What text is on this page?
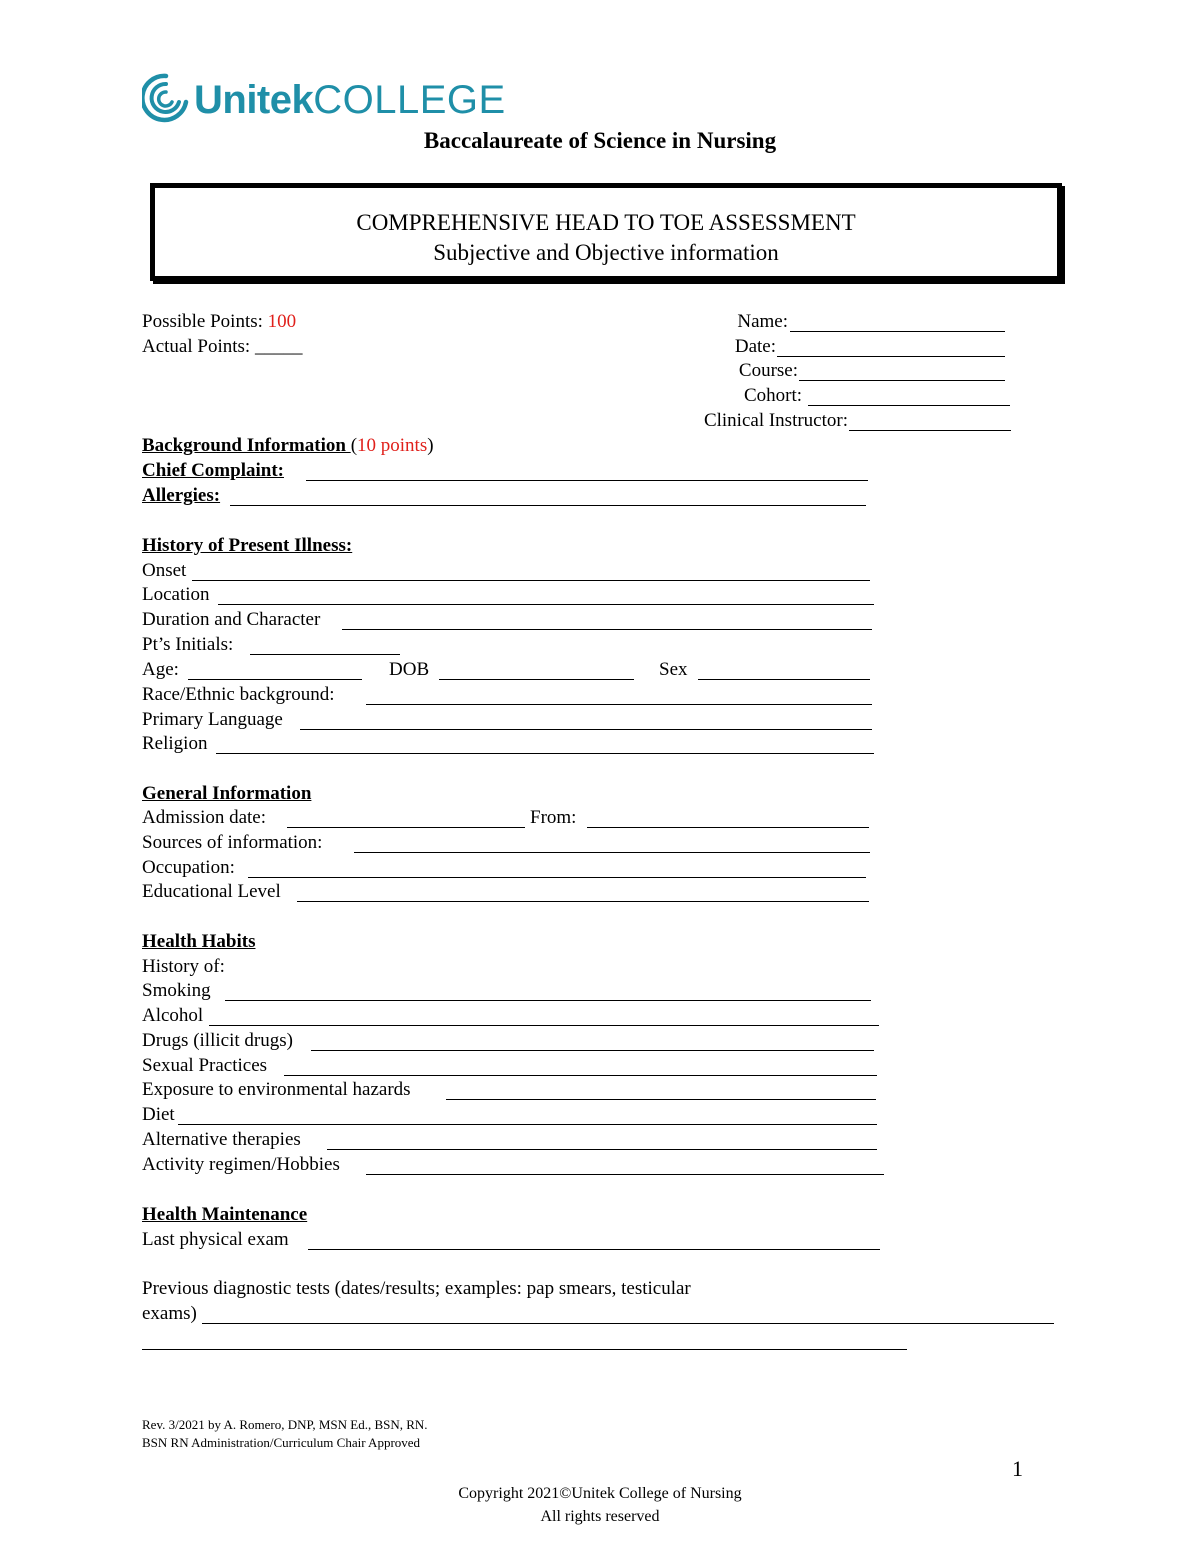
UnitekCOLLEGE
Baccalaureate of Science in Nursing
COMPREHENSIVE HEAD TO TOE ASSESSMENT
Subjective and Objective information
Possible Points: 100
Actual Points: _____
Name:
Date:
Course:
Cohort:
Clinical Instructor:
Background Information (10 points)
Chief Complaint:
Allergies:
History of Present Illness:
Onset
Location
Duration and Character
Pt’s Initials:
Age:	DOB	Sex
Race/Ethnic background:
Primary Language
Religion
General Information
Admission date:	From:
Sources of information:
Occupation:
Educational Level
Health Habits
History of:
Smoking
Alcohol
Drugs (illicit drugs)
Sexual Practices
Exposure to environmental hazards
Diet
Alternative therapies
Activity regimen/Hobbies
Health Maintenance
Last physical exam
Previous diagnostic tests (dates/results; examples: pap smears, testicular
exams)
Rev. 3/2021 by A. Romero, DNP, MSN Ed., BSN, RN.
BSN RN Administration/Curriculum Chair Approved
1
Copyright 2021©Unitek College of Nursing
All rights reserved
